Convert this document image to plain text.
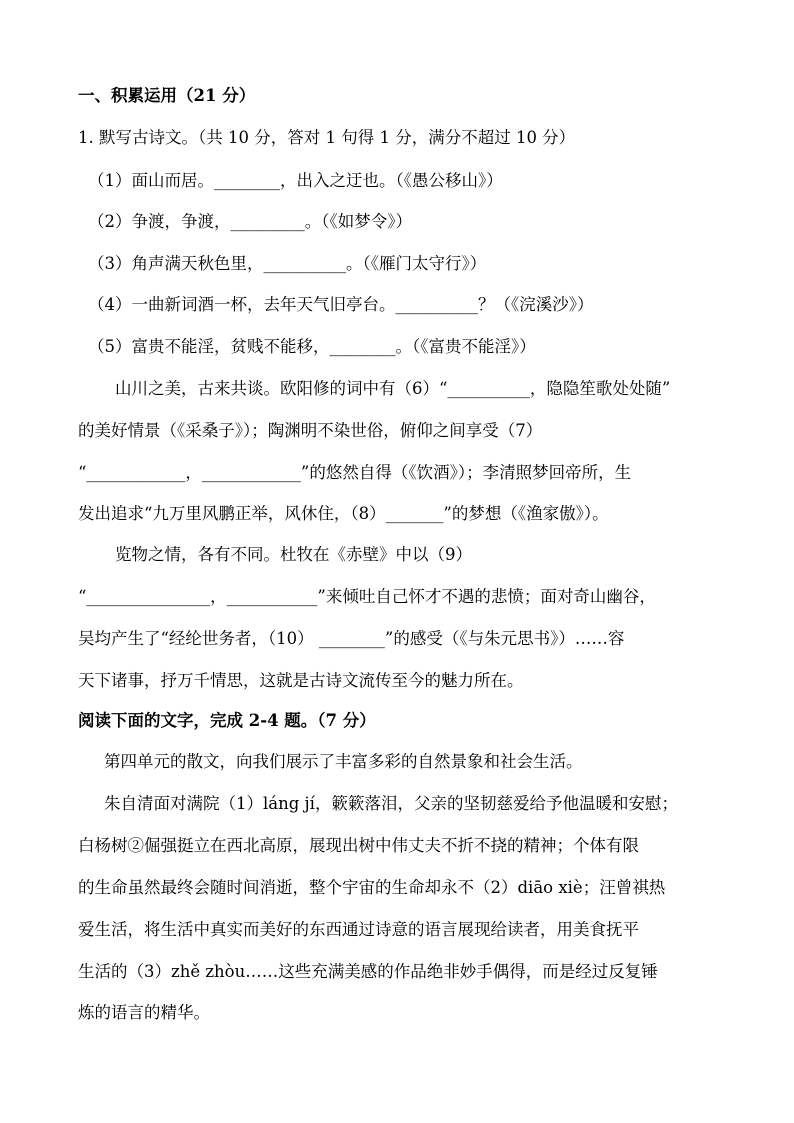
一、积累运用（21 分）
1. 默写古诗文。（共 10 分，答对 1 句得 1 分，满分不超过 10 分）
（1）面山而居。________，出入之迂也。（《愚公移山》）
（2）争渡，争渡，_________。（《如梦令》）
（3）角声满天秋色里，__________。（《雁门太守行》）
（4）一曲新词酒一杯，去年天气旧亭台。__________？（《浣溪沙》）
（5）富贵不能淫，贫贱不能移，________。（《富贵不能淫》）
山川之美，古来共谈。欧阳修的词中有（6）“__________，隐隐笙歌处处随”
的美好情景（《采桑子》）；陶渊明不染世俗，俯仰之间享受（7）
“____________，____________”的悠然自得（《饮酒》）；李清照梦回帝所，生
发出追求“九万里风鹏正举，风休住，（8）_______”的梦想（《渔家傲》）。
览物之情，各有不同。杜牧在《赤壁》中以（9）
“_______________，___________”来倾吐自己怀才不遇的悲愤；面对奇山幽谷，
吴均产生了“经纶世务者，（10） ________”的感受（《与朱元思书》）……容
天下诸事，抒万千情思，这就是古诗文流传至今的魅力所在。
阅读下面的文字，完成 2-4 题。（7 分）
第四单元的散文，向我们展示了丰富多彩的自然景象和社会生活。
朱自清面对满院（1）láng jí，簌簌落泪，父亲的坚韧慈爱给予他温暖和安慰；
白杨树②倔强挺立在西北高原，展现出树中伟丈夫不折不挠的精神；个体有限
的生命虽然最终会随时间消逝，整个宇宙的生命却永不（2）diāo xiè；汪曾祺热
爱生活，将生活中真实而美好的东西通过诗意的语言展现给读者，用美食抚平
生活的（3）zhě zhòu……这些充满美感的作品绝非妙手偶得，而是经过反复锤
炼的语言的精华。
